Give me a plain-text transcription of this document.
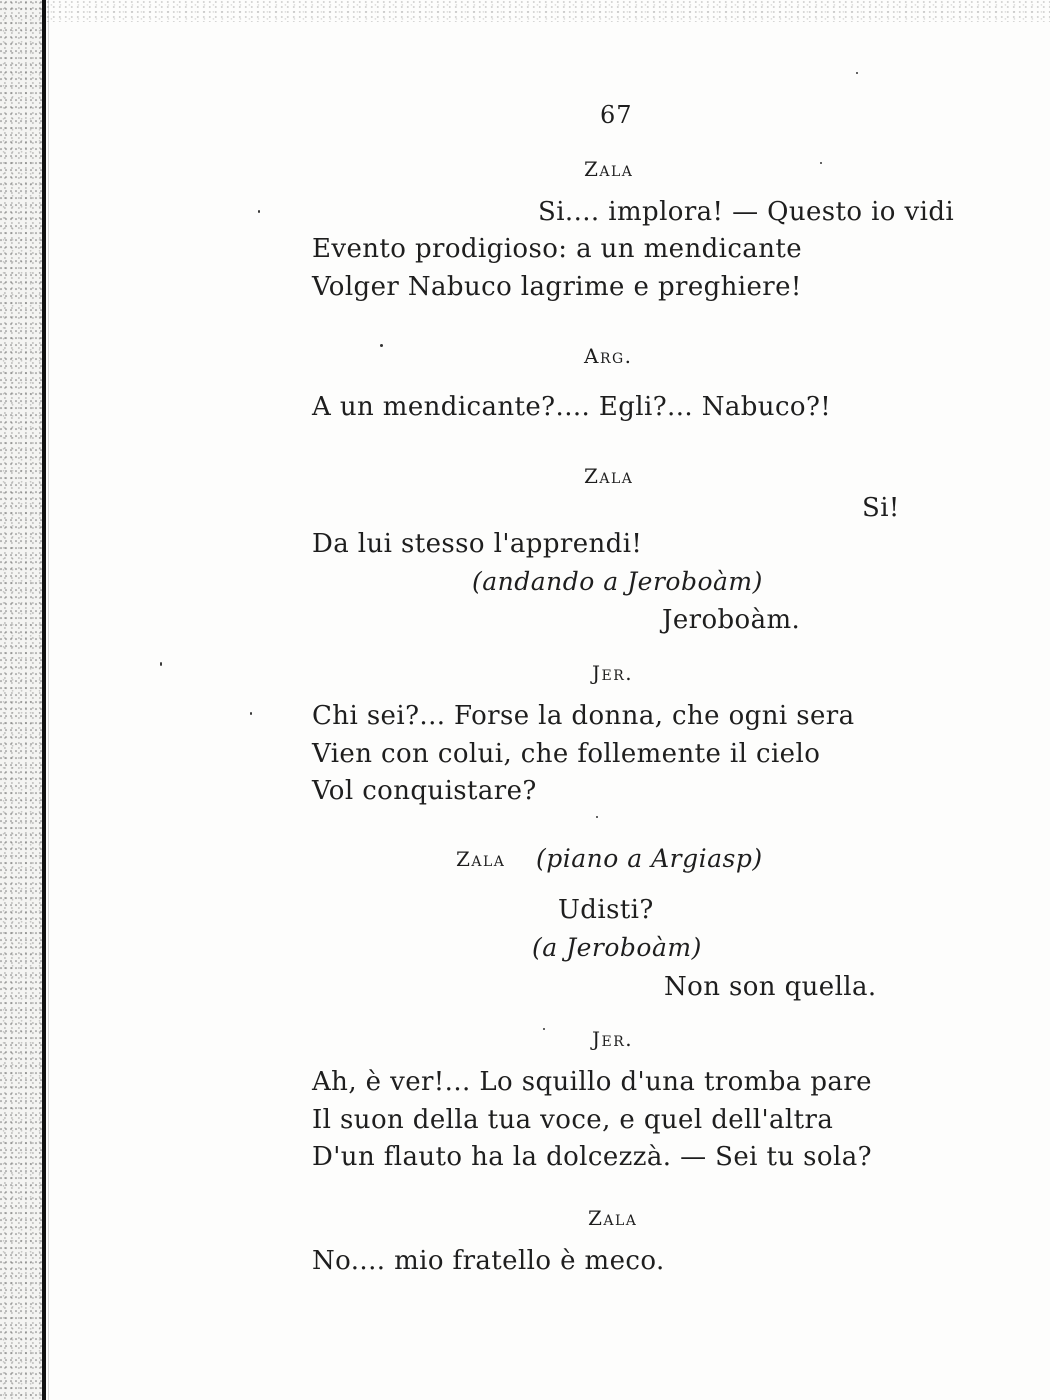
67
Zala
Si.... implora! — Questo io vidi
Evento prodigioso: a un mendicante
Volger Nabuco lagrime e preghiere!
Arg.
A un mendicante?.... Egli?... Nabuco?!
Zala
Si!
Da lui stesso l'apprendi!
(andando a Jeroboàm)
Jeroboàm.
Jer.
Chi sei?... Forse la donna, che ogni sera
Vien con colui, che follemente il cielo
Vol conquistare?
Zala (piano a Argiasp)
Udisti?
(a Jeroboàm)
Non son quella.
Jer.
Ah, è ver!... Lo squillo d'una tromba pare
Il suon della tua voce, e quel dell'altra
D'un flauto ha la dolcezzà. — Sei tu sola?
Zala
No.... mio fratello è meco.
